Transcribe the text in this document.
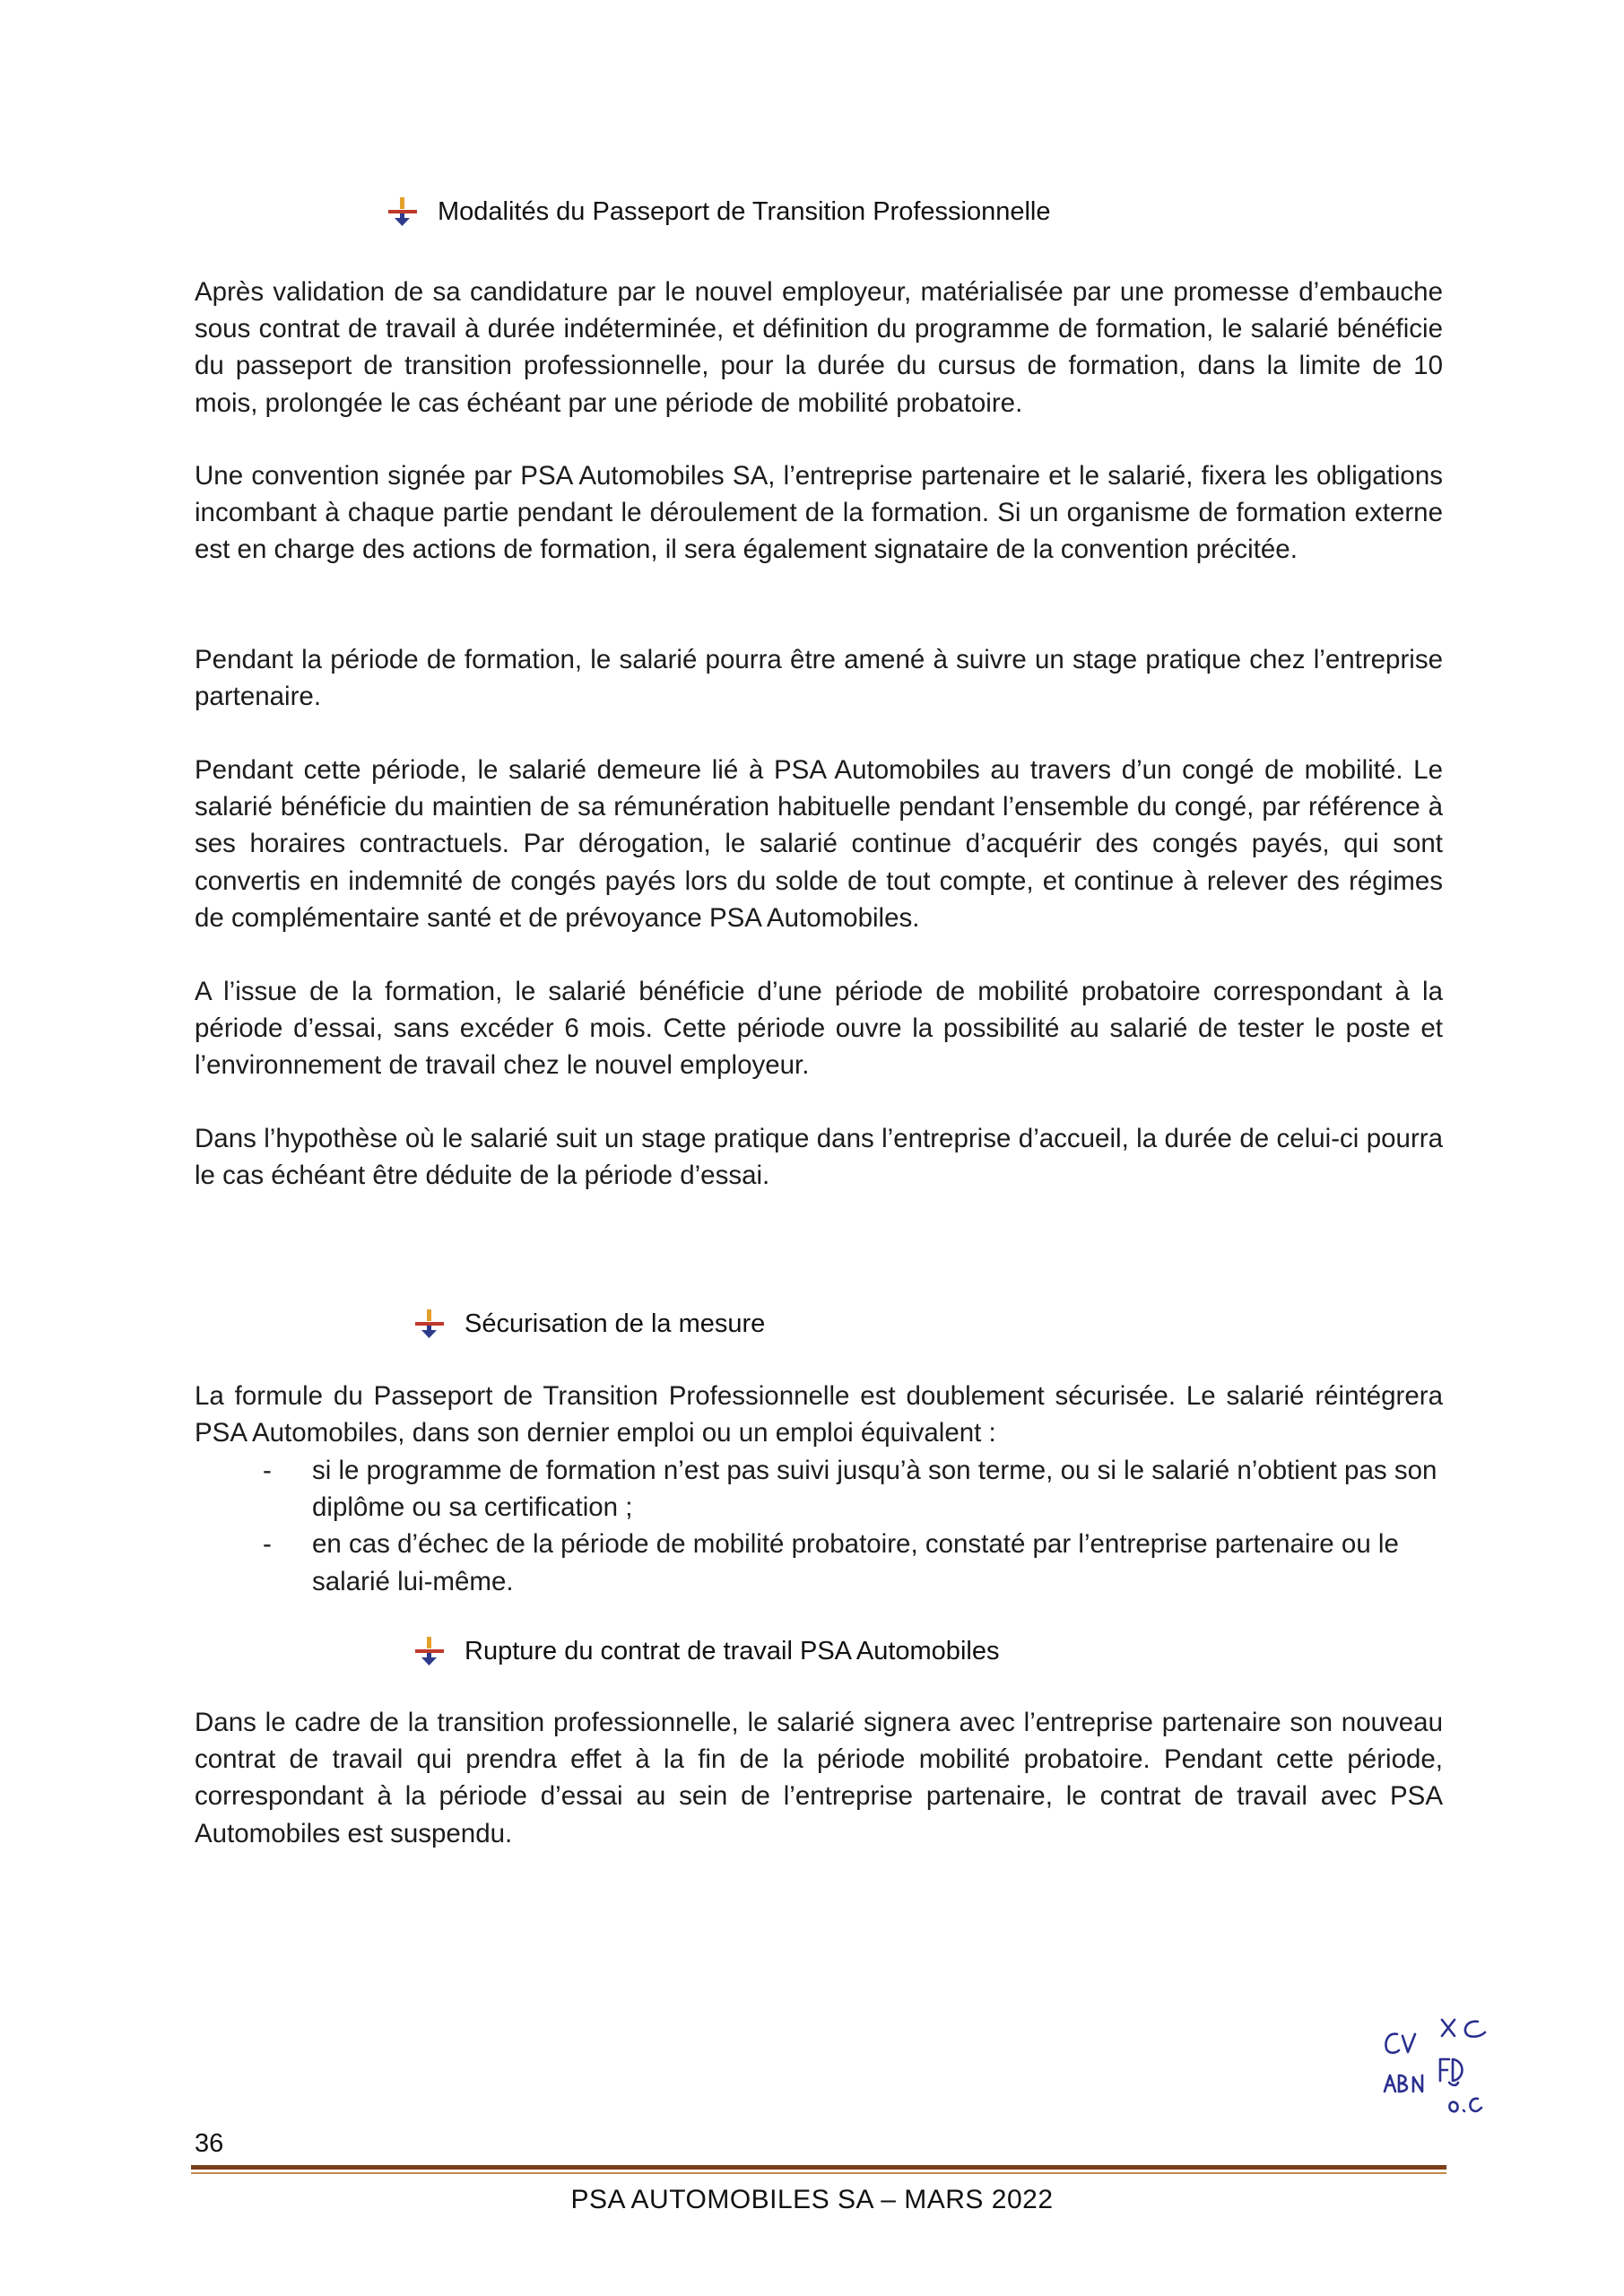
Modalités du Passeport de Transition Professionnelle

Après validation de sa candidature par le nouvel employeur, matérialisée par une promesse d’embauche sous contrat de travail à durée indéterminée, et définition du programme de formation, le salarié bénéficie du passeport de transition professionnelle, pour la durée du cursus de formation, dans la limite de 10 mois, prolongée le cas échéant par une période de mobilité probatoire.

Une convention signée par PSA Automobiles SA, l’entreprise partenaire et le salarié, fixera les obligations incombant à chaque partie pendant le déroulement de la formation. Si un organisme de formation externe est en charge des actions de formation, il sera également signataire de la convention précitée.

Pendant la période de formation, le salarié pourra être amené à suivre un stage pratique chez l’entreprise partenaire.

Pendant cette période, le salarié demeure lié à PSA Automobiles au travers d’un congé de mobilité. Le salarié bénéficie du maintien de sa rémunération habituelle pendant l’ensemble du congé, par référence à ses horaires contractuels. Par dérogation, le salarié continue d’acquérir des congés payés, qui sont convertis en indemnité de congés payés lors du solde de tout compte, et continue à relever des régimes de complémentaire santé et de prévoyance PSA Automobiles.

A l’issue de la formation, le salarié bénéficie d’une période de mobilité probatoire correspondant à la période d’essai, sans excéder 6 mois. Cette période ouvre la possibilité au salarié de tester le poste et l’environnement de travail chez le nouvel employeur.

Dans l’hypothèse où le salarié suit un stage pratique dans l’entreprise d’accueil, la durée de celui-ci pourra le cas échéant être déduite de la période d’essai.

Sécurisation de la mesure

La formule du Passeport de Transition Professionnelle est doublement sécurisée. Le salarié réintégrera PSA Automobiles, dans son dernier emploi ou un emploi équivalent :

- si le programme de formation n’est pas suivi jusqu’à son terme, ou si le salarié n’obtient pas son diplôme ou sa certification ;
- en cas d’échec de la période de mobilité probatoire, constaté par l’entreprise partenaire ou le salarié lui-même.
Rupture du contrat de travail PSA Automobiles

Dans le cadre de la transition professionnelle, le salarié signera avec l’entreprise partenaire son nouveau contrat de travail qui prendra effet à la fin de la période mobilité probatoire. Pendant cette période, correspondant à la période d’essai au sein de l’entreprise partenaire, le contrat de travail avec PSA Automobiles est suspendu.

36
PSA AUTOMOBILES SA – MARS 2022
